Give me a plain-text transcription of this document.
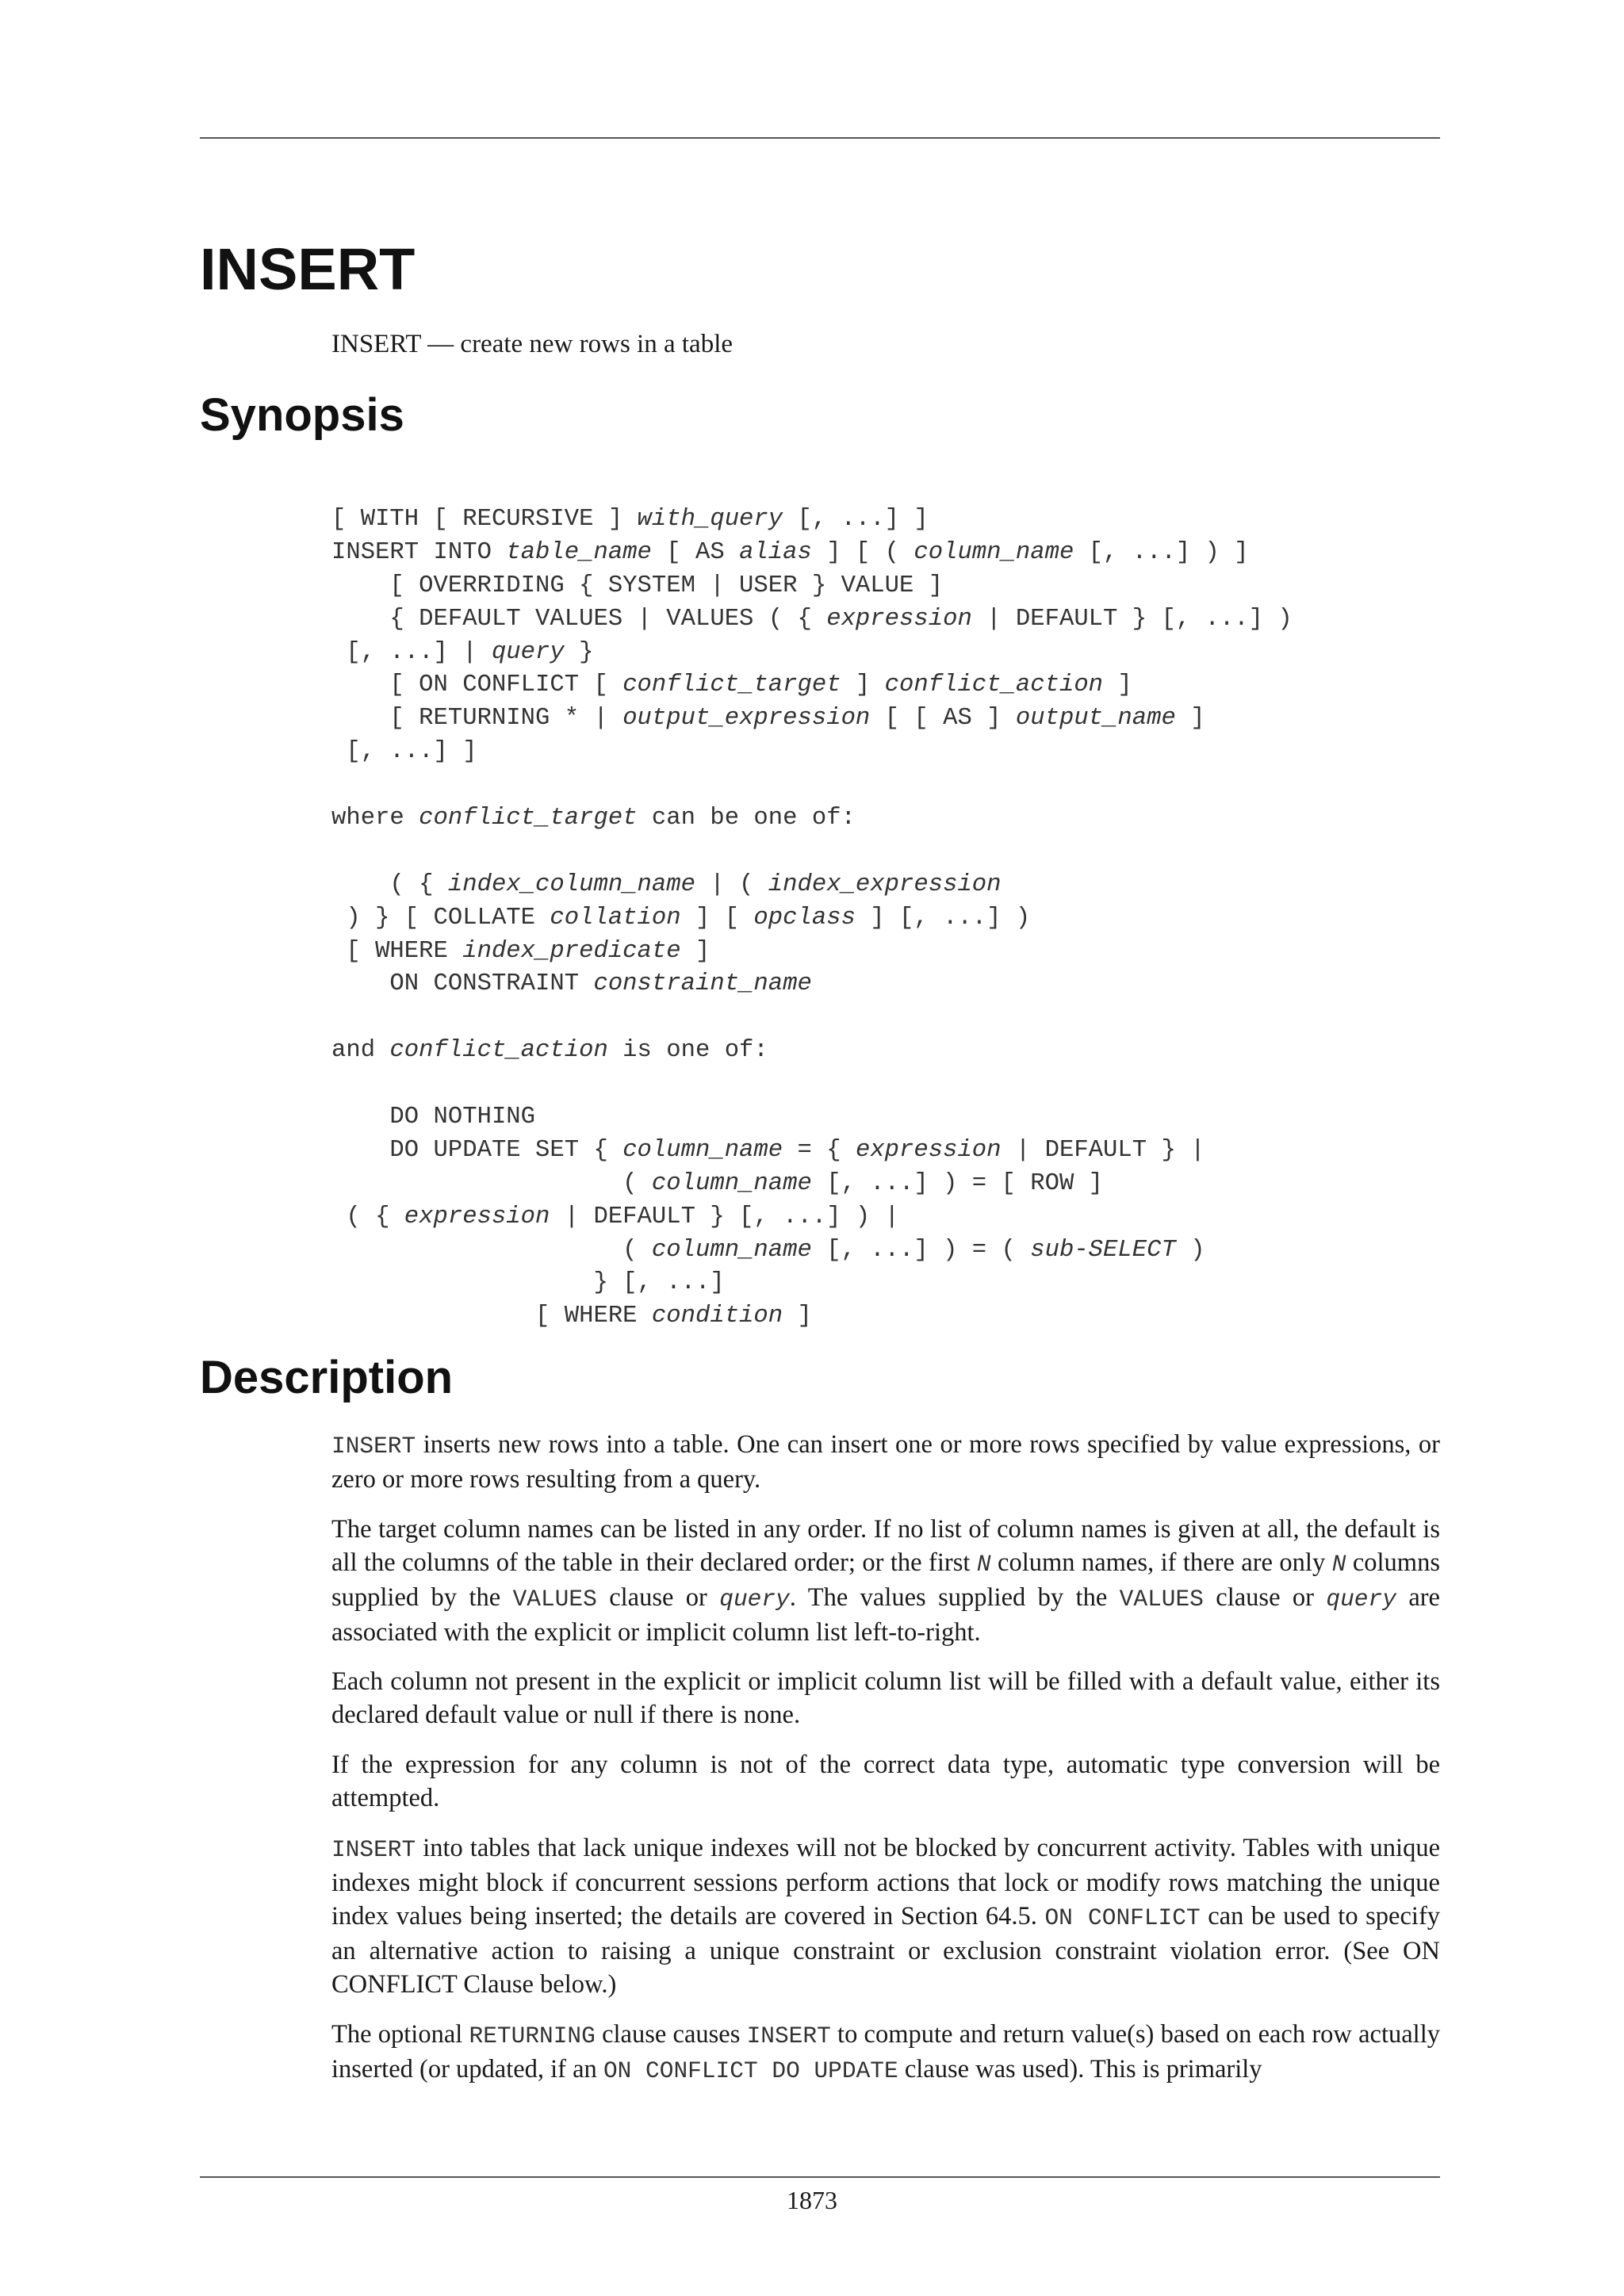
INSERT

INSERT — create new rows in a table

Synopsis
[ WITH [ RECURSIVE ] with_query [, ...] ]
INSERT INTO table_name [ AS alias ] [ ( column_name [, ...] ) ]
[ OVERRIDING { SYSTEM | USER } VALUE ]
{ DEFAULT VALUES | VALUES ( { expression | DEFAULT } [, ...] )
[, ...] | query }
[ ON CONFLICT [ conflict_target ] conflict_action ]
[ RETURNING * | output_expression [ [ AS ] output_name ]
[, ...] ]
where conflict_target can be one of:
( { index_column_name | ( index_expression
) } [ COLLATE collation ] [ opclass ] [, ...] )
[ WHERE index_predicate ]
ON CONSTRAINT constraint_name
and conflict_action is one of:
DO NOTHING
DO UPDATE SET { column_name = { expression | DEFAULT } |
( column_name [, ...] ) = [ ROW ]
( { expression | DEFAULT } [, ...] ) |
( column_name [, ...] ) = ( sub-SELECT )
} [, ...]
[ WHERE condition ]
Description

INSERT inserts new rows into a table. One can insert one or more rows specified by value expressions, or zero or more rows resulting from a query.

The target column names can be listed in any order. If no list of column names is given at all, the default is all the columns of the table in their declared order; or the first N column names, if there are only N columns supplied by the VALUES clause or query. The values supplied by the VALUES clause or query are associated with the explicit or implicit column list left-to-right.

Each column not present in the explicit or implicit column list will be filled with a default value, either its declared default value or null if there is none.

If the expression for any column is not of the correct data type, automatic type conversion will be attempted.

INSERT into tables that lack unique indexes will not be blocked by concurrent activity. Tables with unique indexes might block if concurrent sessions perform actions that lock or modify rows matching the unique index values being inserted; the details are covered in Section 64.5. ON CONFLICT can be used to specify an alternative action to raising a unique constraint or exclusion constraint violation error. (See ON CONFLICT Clause below.)

The optional RETURNING clause causes INSERT to compute and return value(s) based on each row actually inserted (or updated, if an ON CONFLICT DO UPDATE clause was used). This is primarily

1873
